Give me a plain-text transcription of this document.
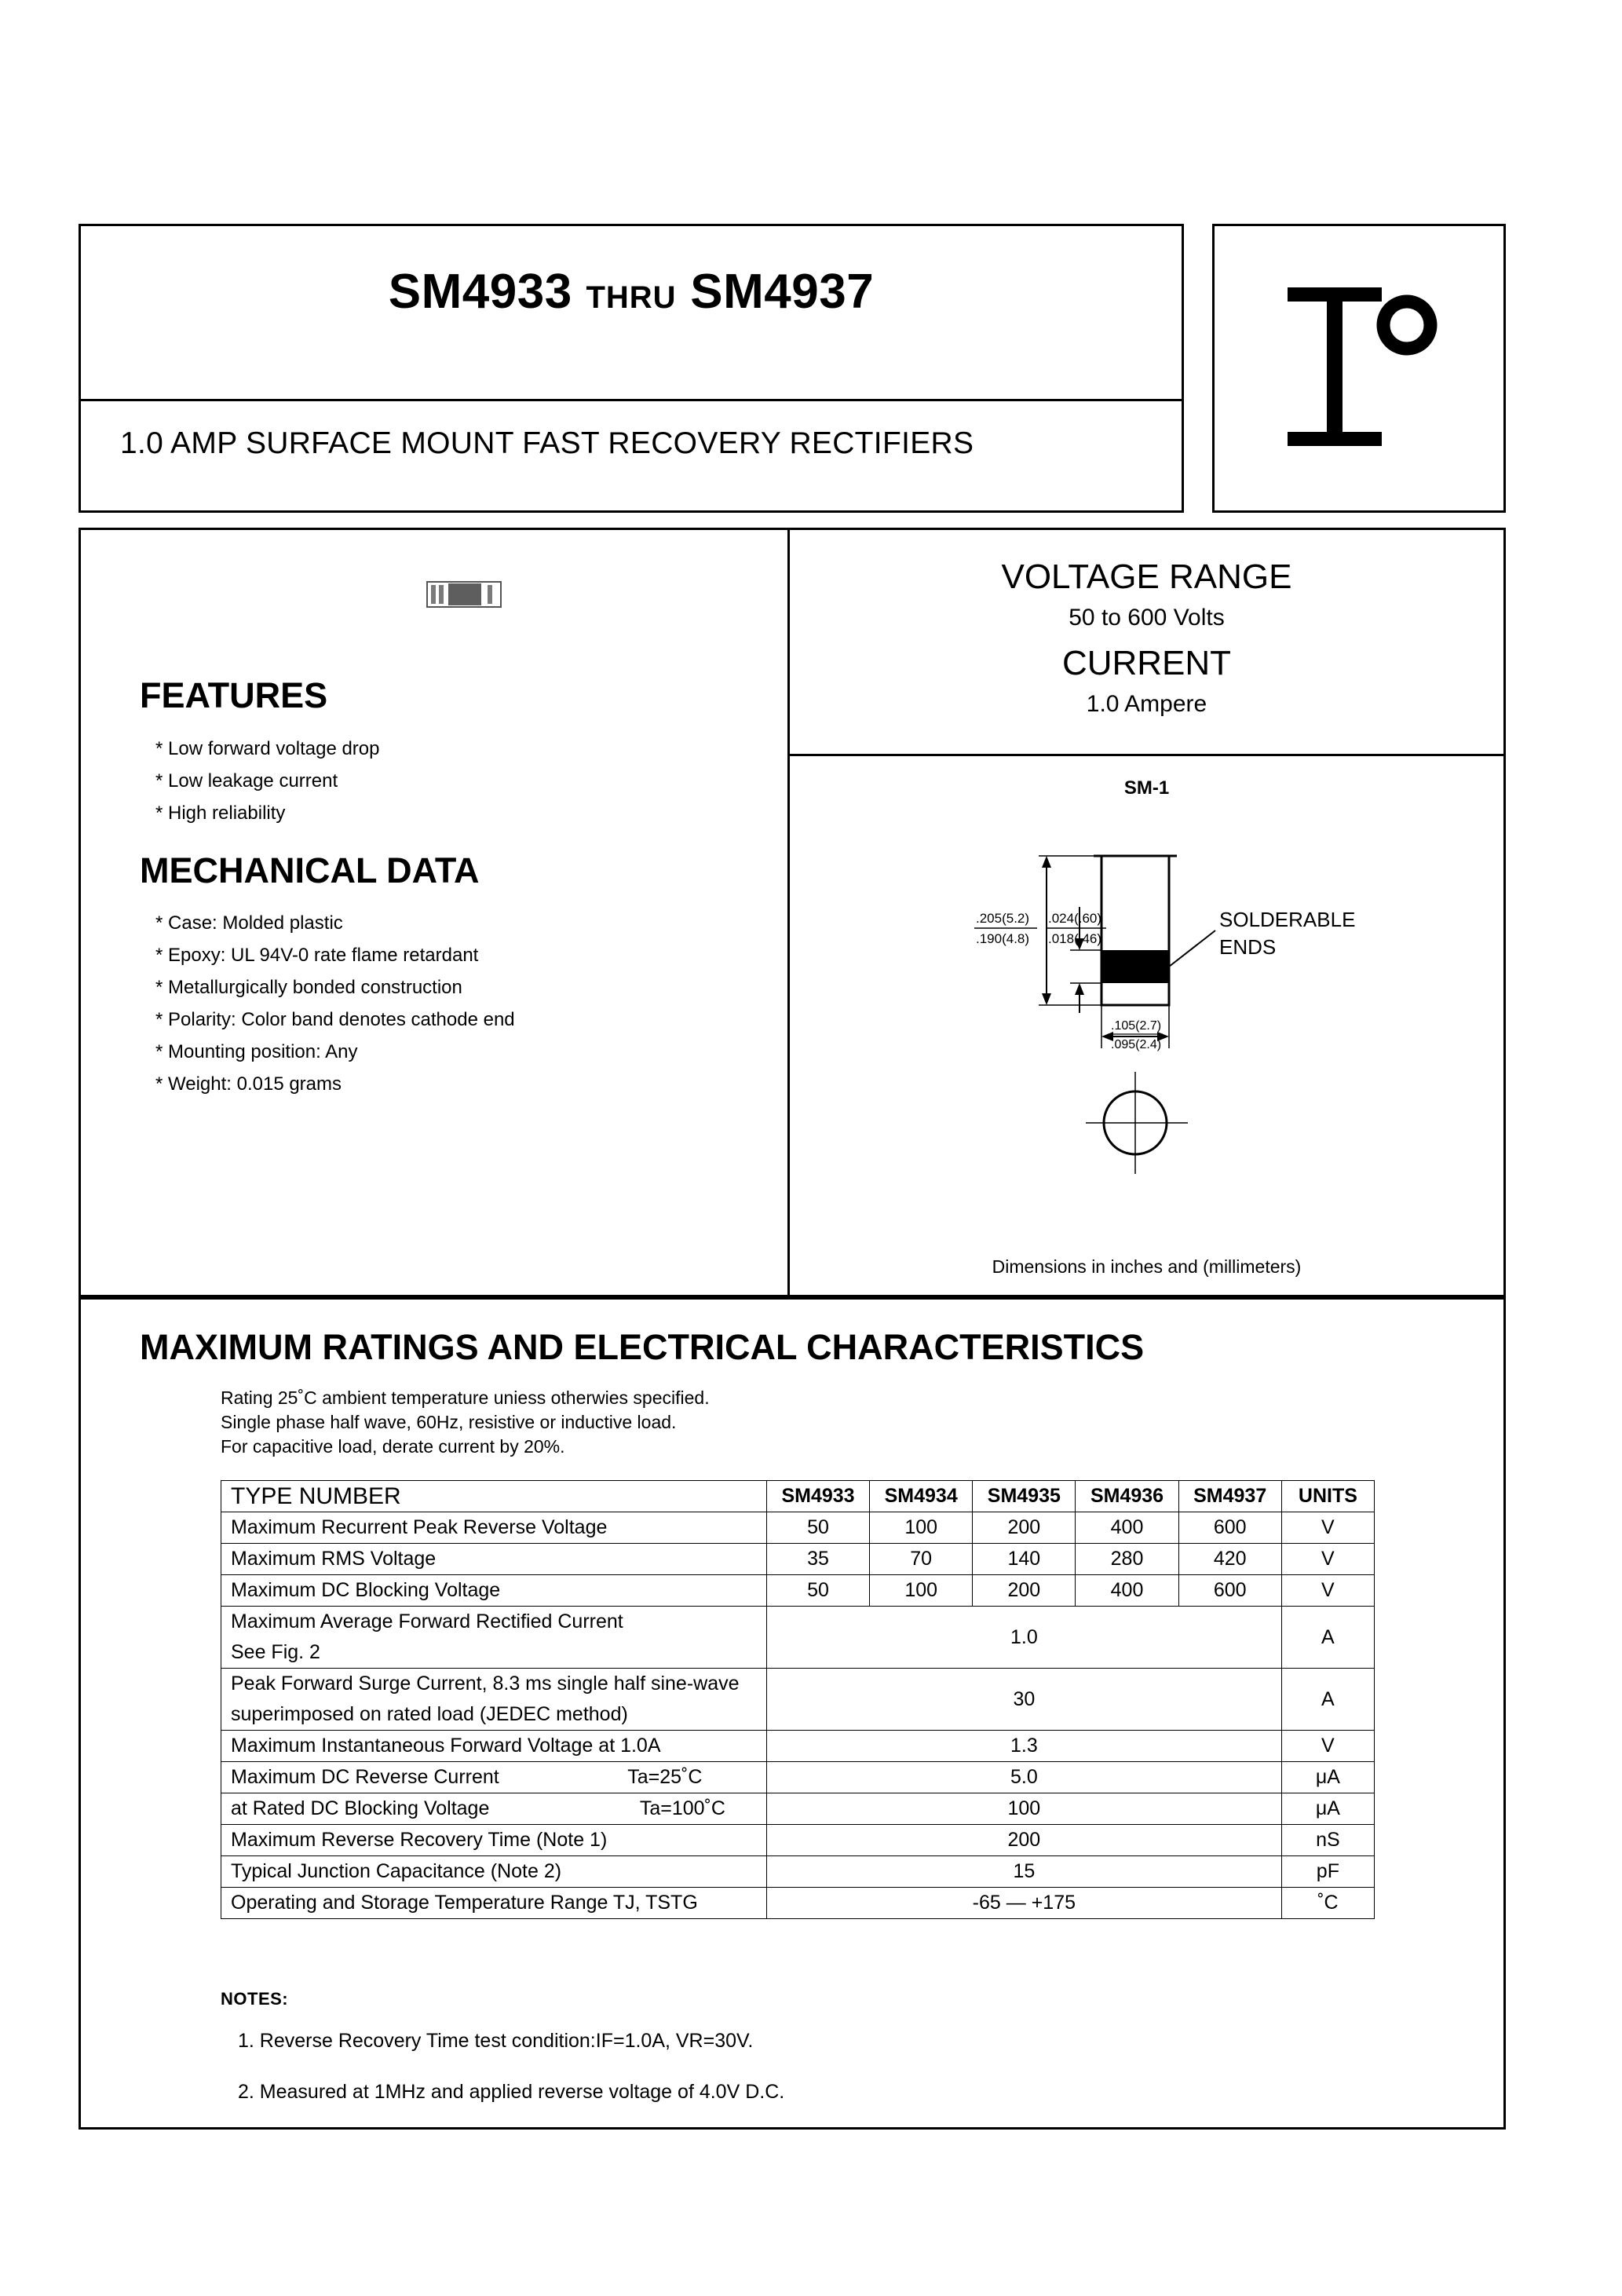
SM4933 THRU SM4937
1.0 AMP SURFACE MOUNT FAST RECOVERY RECTIFIERS
FEATURES
* Low forward voltage drop
* Low leakage current
* High reliability
MECHANICAL DATA
* Case: Molded plastic
* Epoxy: UL 94V-0 rate flame retardant
* Metallurgically bonded construction
* Polarity: Color band denotes cathode end
* Mounting position: Any
* Weight: 0.015 grams
VOLTAGE RANGE
50 to 600 Volts
CURRENT
1.0 Ampere
SM-1
.205(5.2)
.190(4.8)
.024(.60)
.018(.46)
SOLDERABLE
ENDS
.105(2.7)
.095(2.4)
Dimensions in inches and (millimeters)
MAXIMUM RATINGS AND ELECTRICAL CHARACTERISTICS
Rating 25˚C ambient temperature uniess otherwies specified.
Single phase half wave, 60Hz, resistive or inductive load.
For capacitive load, derate current by 20%.
TYPE NUMBER	SM4933	SM4934	SM4935	SM4936	SM4937	UNITS
Maximum Recurrent Peak Reverse Voltage	50	100	200	400	600	V
Maximum RMS Voltage	35	70	140	280	420	V
Maximum DC Blocking Voltage	50	100	200	400	600	V
Maximum Average Forward Rectified Current	1.0					A
See Fig. 2						
Peak Forward Surge Current, 8.3 ms single half sine-wave	30					A
superimposed on rated load (JEDEC method)						
Maximum Instantaneous Forward Voltage at 1.0A	1.3					V
Maximum DC Reverse Current Ta=25˚C	5.0					μA
at Rated DC Blocking Voltage Ta=100˚C	100					μA
Maximum Reverse Recovery Time (Note 1)	200					nS
Typical Junction Capacitance (Note 2)	15					pF
Operating and Storage Temperature Range TJ, TSTG	-65 — +175					˚C
NOTES:
1. Reverse Recovery Time test condition:IF=1.0A, VR=30V.
2. Measured at 1MHz and applied reverse voltage of 4.0V D.C.
